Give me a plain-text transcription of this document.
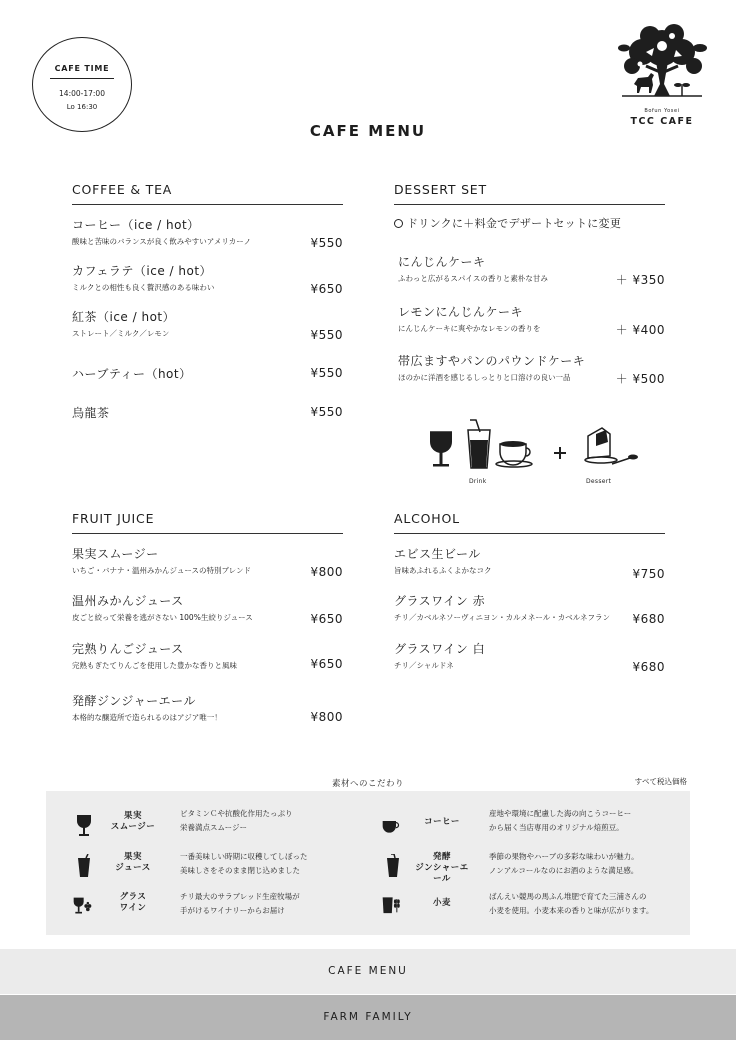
CAFE TIME
14:00-17:00
Lo 16:30
CAFE MENU
Bofun Yosei
TCC CAFE
COFFEE & TEA
コーヒー（ice / hot）
酸味と苦味のバランスが良く飲みやすいアメリカーノ	¥550
カフェラテ（ice / hot）
ミルクとの相性も良く贅沢感のある味わい	¥650
紅茶（ice / hot）
ストレート／ミルク／レモン	¥550
ハーブティー（hot）	¥550
烏龍茶	¥550
DESSERT SET
ドリンクに＋料金でデザートセットに変更
にんじんケーキ
ふわっと広がるスパイスの香りと素朴な甘み	＋ ¥350
レモンにんじんケーキ
にんじんケーキに爽やかなレモンの香りを	＋ ¥400
帯広ますやパンのパウンドケーキ
ほのかに洋酒を感じるしっとりと口溶けの良い一品	＋ ¥500
Drink	Dessert
FRUIT JUICE
果実スムージー
いちご・バナナ・温州みかんジュースの特別ブレンド	¥800
温州みかんジュース
皮ごと絞って栄養を逃がさない 100%生絞りジュース	¥650
完熟りんごジュース
完熟もぎたてりんごを使用した豊かな香りと風味	¥650
発酵ジンジャーエール
本格的な醸造所で造られるのはアジア唯一！	¥800
ALCOHOL
エビス生ビール
旨味あふれるふくよかなコク	¥750
グラスワイン 赤
チリ／カベルネソーヴィニヨン・カルメネール・カベルネフラン	¥680
グラスワイン 白
チリ／シャルドネ	¥680
素材へのこだわり	すべて税込価格
果実
スムージー
ビタミンＣや抗酸化作用たっぷり
栄養満点スムージー
果実
ジュース
一番美味しい時期に収穫してしぼった
美味しさをそのまま閉じ込めました
グラス
ワイン
チリ最大のサラブレッド生産牧場が
手がけるワイナリーからお届け
コーヒー
産地や環境に配慮した海の向こうコーヒー
から届く当店専用のオリジナル焙煎豆。
発酵
ジンシャーエール
季節の果物やハーブの多彩な味わいが魅力。
ノンアルコールなのにお酒のような満足感。
小麦
ばんえい競馬の馬ふん堆肥で育てた三浦さんの
小麦を使用。小麦本来の香りと味が広がります。
CAFE MENU
FARM FAMILY
